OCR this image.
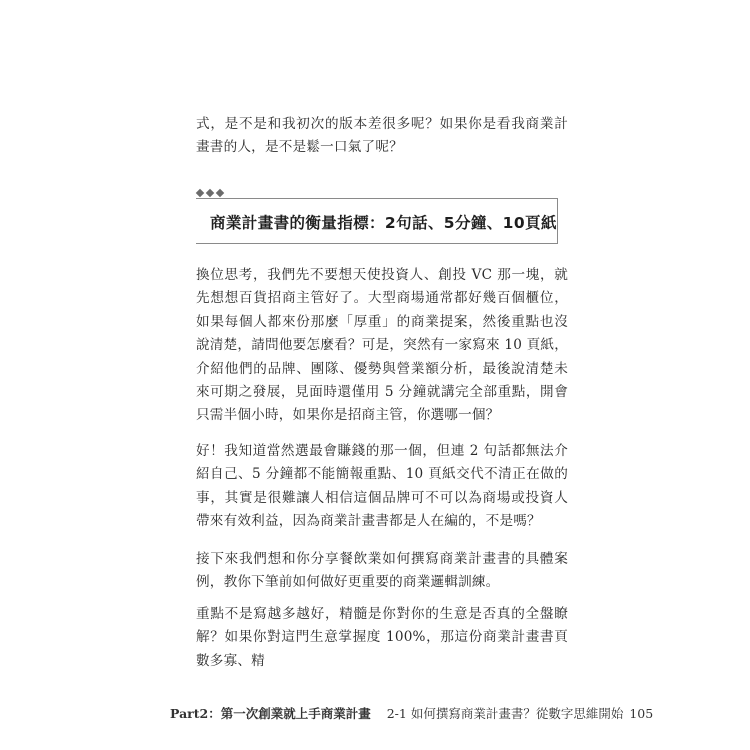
式，是不是和我初次的版本差很多呢？如果你是看我商業計畫書的人，是不是鬆一口氣了呢？

商業計畫書的衡量指標：2句話、5分鐘、10頁紙

換位思考，我們先不要想天使投資人、創投 VC 那一塊，就先想想百貨招商主管好了。大型商場通常都好幾百個櫃位，如果每個人都來份那麼「厚重」的商業提案，然後重點也沒說清楚，請問他要怎麼看？可是，突然有一家寫來 10 頁紙，介紹他們的品牌、團隊、優勢與營業額分析，最後說清楚未來可期之發展，見面時還僅用 5 分鐘就講完全部重點，開會只需半個小時，如果你是招商主管，你選哪一個？

好！我知道當然選最會賺錢的那一個，但連 2 句話都無法介紹自己、5 分鐘都不能簡報重點、10 頁紙交代不清正在做的事，其實是很難讓人相信這個品牌可不可以為商場或投資人帶來有效利益，因為商業計畫書都是人在編的，不是嗎？

接下來我們想和你分享餐飲業如何撰寫商業計畫書的具體案例，教你下筆前如何做好更重要的商業邏輯訓練。

重點不是寫越多越好，精髓是你對你的生意是否真的全盤瞭解？如果你對這門生意掌握度 100%，那這份商業計畫書頁數多寡、精

Part2：第一次創業就上手商業計畫 2-1 如何撰寫商業計畫書？從數字思維開始 105
